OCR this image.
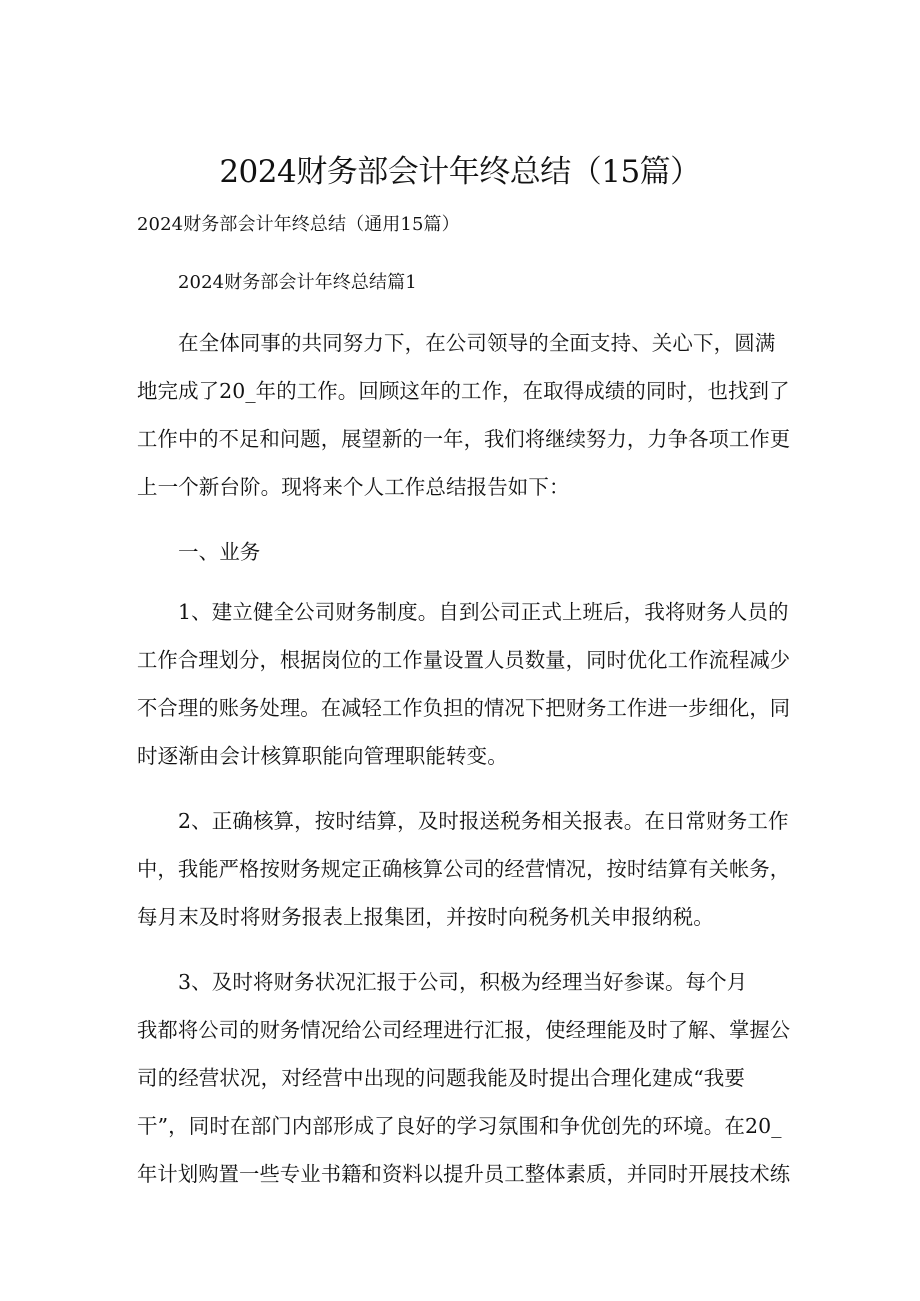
2024财务部会计年终总结（15篇）
2024财务部会计年终总结（通用15篇）
2024财务部会计年终总结篇1
在全体同事的共同努力下，在公司领导的全面支持、关心下，圆满
地完成了20_年的工作。回顾这年的工作，在取得成绩的同时，也找到了
工作中的不足和问题，展望新的一年，我们将继续努力，力争各项工作更
上一个新台阶。现将来个人工作总结报告如下：
一、业务
1、建立健全公司财务制度。自到公司正式上班后，我将财务人员的
工作合理划分，根据岗位的工作量设置人员数量，同时优化工作流程减少
不合理的账务处理。在减轻工作负担的情况下把财务工作进一步细化，同
时逐渐由会计核算职能向管理职能转变。
2、正确核算，按时结算，及时报送税务相关报表。在日常财务工作
中，我能严格按财务规定正确核算公司的经营情况，按时结算有关帐务，
每月末及时将财务报表上报集团，并按时向税务机关申报纳税。
3、及时将财务状况汇报于公司，积极为经理当好参谋。每个月
我都将公司的财务情况给公司经理进行汇报，使经理能及时了解、掌握公
司的经营状况，对经营中出现的问题我能及时提出合理化建成“我要
干”，同时在部门内部形成了良好的学习氛围和争优创先的环境。在20_
年计划购置一些专业书籍和资料以提升员工整体素质，并同时开展技术练
